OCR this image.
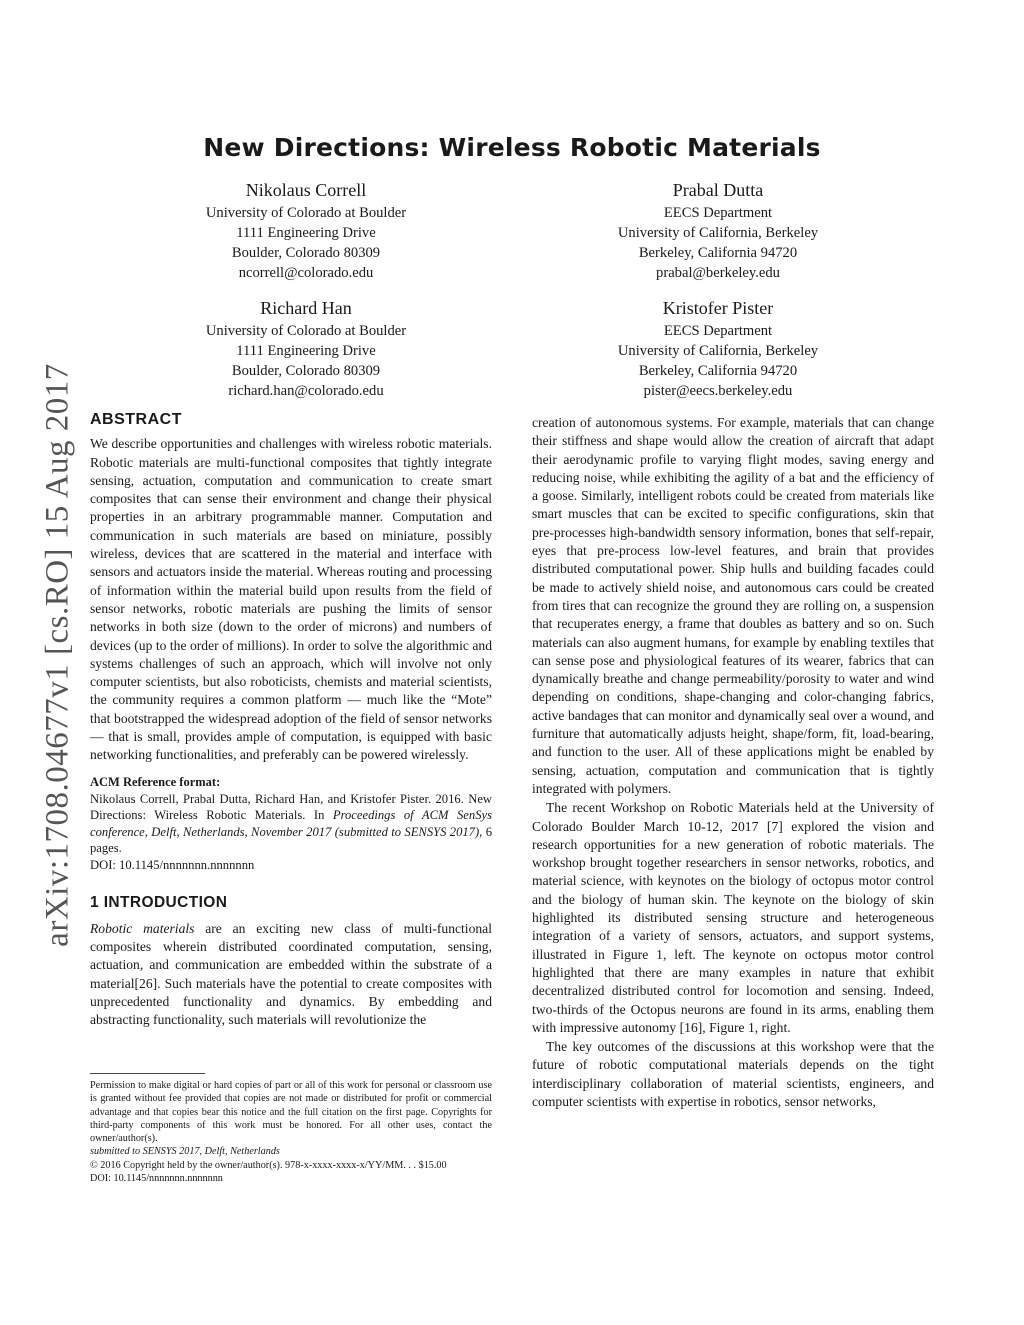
New Directions: Wireless Robotic Materials
Nikolaus Correll
University of Colorado at Boulder
1111 Engineering Drive
Boulder, Colorado 80309
ncorrell@colorado.edu
Prabal Dutta
EECS Department
University of California, Berkeley
Berkeley, California 94720
prabal@berkeley.edu
Richard Han
University of Colorado at Boulder
1111 Engineering Drive
Boulder, Colorado 80309
richard.han@colorado.edu
Kristofer Pister
EECS Department
University of California, Berkeley
Berkeley, California 94720
pister@eecs.berkeley.edu
arXiv:1708.04677v1 [cs.RO] 15 Aug 2017 ABSTRACT

We describe opportunities and challenges with wireless robotic materials. Robotic materials are multi-functional composites that tightly integrate sensing, actuation, computation and communication to create smart composites that can sense their environment and change their physical properties in an arbitrary programmable manner. Computation and communication in such materials are based on miniature, possibly wireless, devices that are scattered in the material and interface with sensors and actuators inside the material. Whereas routing and processing of information within the material build upon results from the field of sensor networks, robotic materials are pushing the limits of sensor networks in both size (down to the order of microns) and numbers of devices (up to the order of millions). In order to solve the algorithmic and systems challenges of such an approach, which will involve not only computer scientists, but also roboticists, chemists and material scientists, the community requires a common platform — much like the “Mote” that bootstrapped the widespread adoption of the field of sensor networks — that is small, provides ample of computation, is equipped with basic networking functionalities, and preferably can be powered wirelessly.

ACM Reference format:
Nikolaus Correll, Prabal Dutta, Richard Han, and Kristofer Pister. 2016. New Directions: Wireless Robotic Materials. In Proceedings of ACM SenSys conference, Delft, Netherlands, November 2017 (submitted to SENSYS 2017), 6 pages.
DOI: 10.1145/nnnnnnn.nnnnnnn
1 INTRODUCTION

Robotic materials are an exciting new class of multi-functional composites wherein distributed coordinated computation, sensing, actuation, and communication are embedded within the substrate of a material[26]. Such materials have the potential to create composites with unprecedented functionality and dynamics. By embedding and abstracting functionality, such materials will revolutionize the

Permission to make digital or hard copies of part or all of this work for personal or classroom use is granted without fee provided that copies are not made or distributed for profit or commercial advantage and that copies bear this notice and the full citation on the first page. Copyrights for third-party components of this work must be honored. For all other uses, contact the owner/author(s).
submitted to SENSYS 2017, Delft, Netherlands
© 2016 Copyright held by the owner/author(s). 978-x-xxxx-xxxx-x/YY/MM. . . $15.00
DOI: 10.1145/nnnnnnn.nnnnnnn

creation of autonomous systems. For example, materials that can change their stiffness and shape would allow the creation of aircraft that adapt their aerodynamic profile to varying flight modes, saving energy and reducing noise, while exhibiting the agility of a bat and the efficiency of a goose. Similarly, intelligent robots could be created from materials like smart muscles that can be excited to specific configurations, skin that pre-processes high-bandwidth sensory information, bones that self-repair, eyes that pre-process low-level features, and brain that provides distributed computational power. Ship hulls and building facades could be made to actively shield noise, and autonomous cars could be created from tires that can recognize the ground they are rolling on, a suspension that recuperates energy, a frame that doubles as battery and so on. Such materials can also augment humans, for example by enabling textiles that can sense pose and physiological features of its wearer, fabrics that can dynamically breathe and change permeability/porosity to water and wind depending on conditions, shape-changing and color-changing fabrics, active bandages that can monitor and dynamically seal over a wound, and furniture that automatically adjusts height, shape/form, fit, load-bearing, and function to the user. All of these applications might be enabled by sensing, actuation, computation and communication that is tightly integrated with polymers.

The recent Workshop on Robotic Materials held at the University of Colorado Boulder March 10-12, 2017 [7] explored the vision and research opportunities for a new generation of robotic materials. The workshop brought together researchers in sensor networks, robotics, and material science, with keynotes on the biology of octopus motor control and the biology of human skin. The keynote on the biology of skin highlighted its distributed sensing structure and heterogeneous integration of a variety of sensors, actuators, and support systems, illustrated in Figure 1, left. The keynote on octopus motor control highlighted that there are many examples in nature that exhibit decentralized distributed control for locomotion and sensing. Indeed, two-thirds of the Octopus neurons are found in its arms, enabling them with impressive autonomy [16], Figure 1, right.

The key outcomes of the discussions at this workshop were that the future of robotic computational materials depends on the tight interdisciplinary collaboration of material scientists, engineers, and computer scientists with expertise in robotics, sensor networks,
